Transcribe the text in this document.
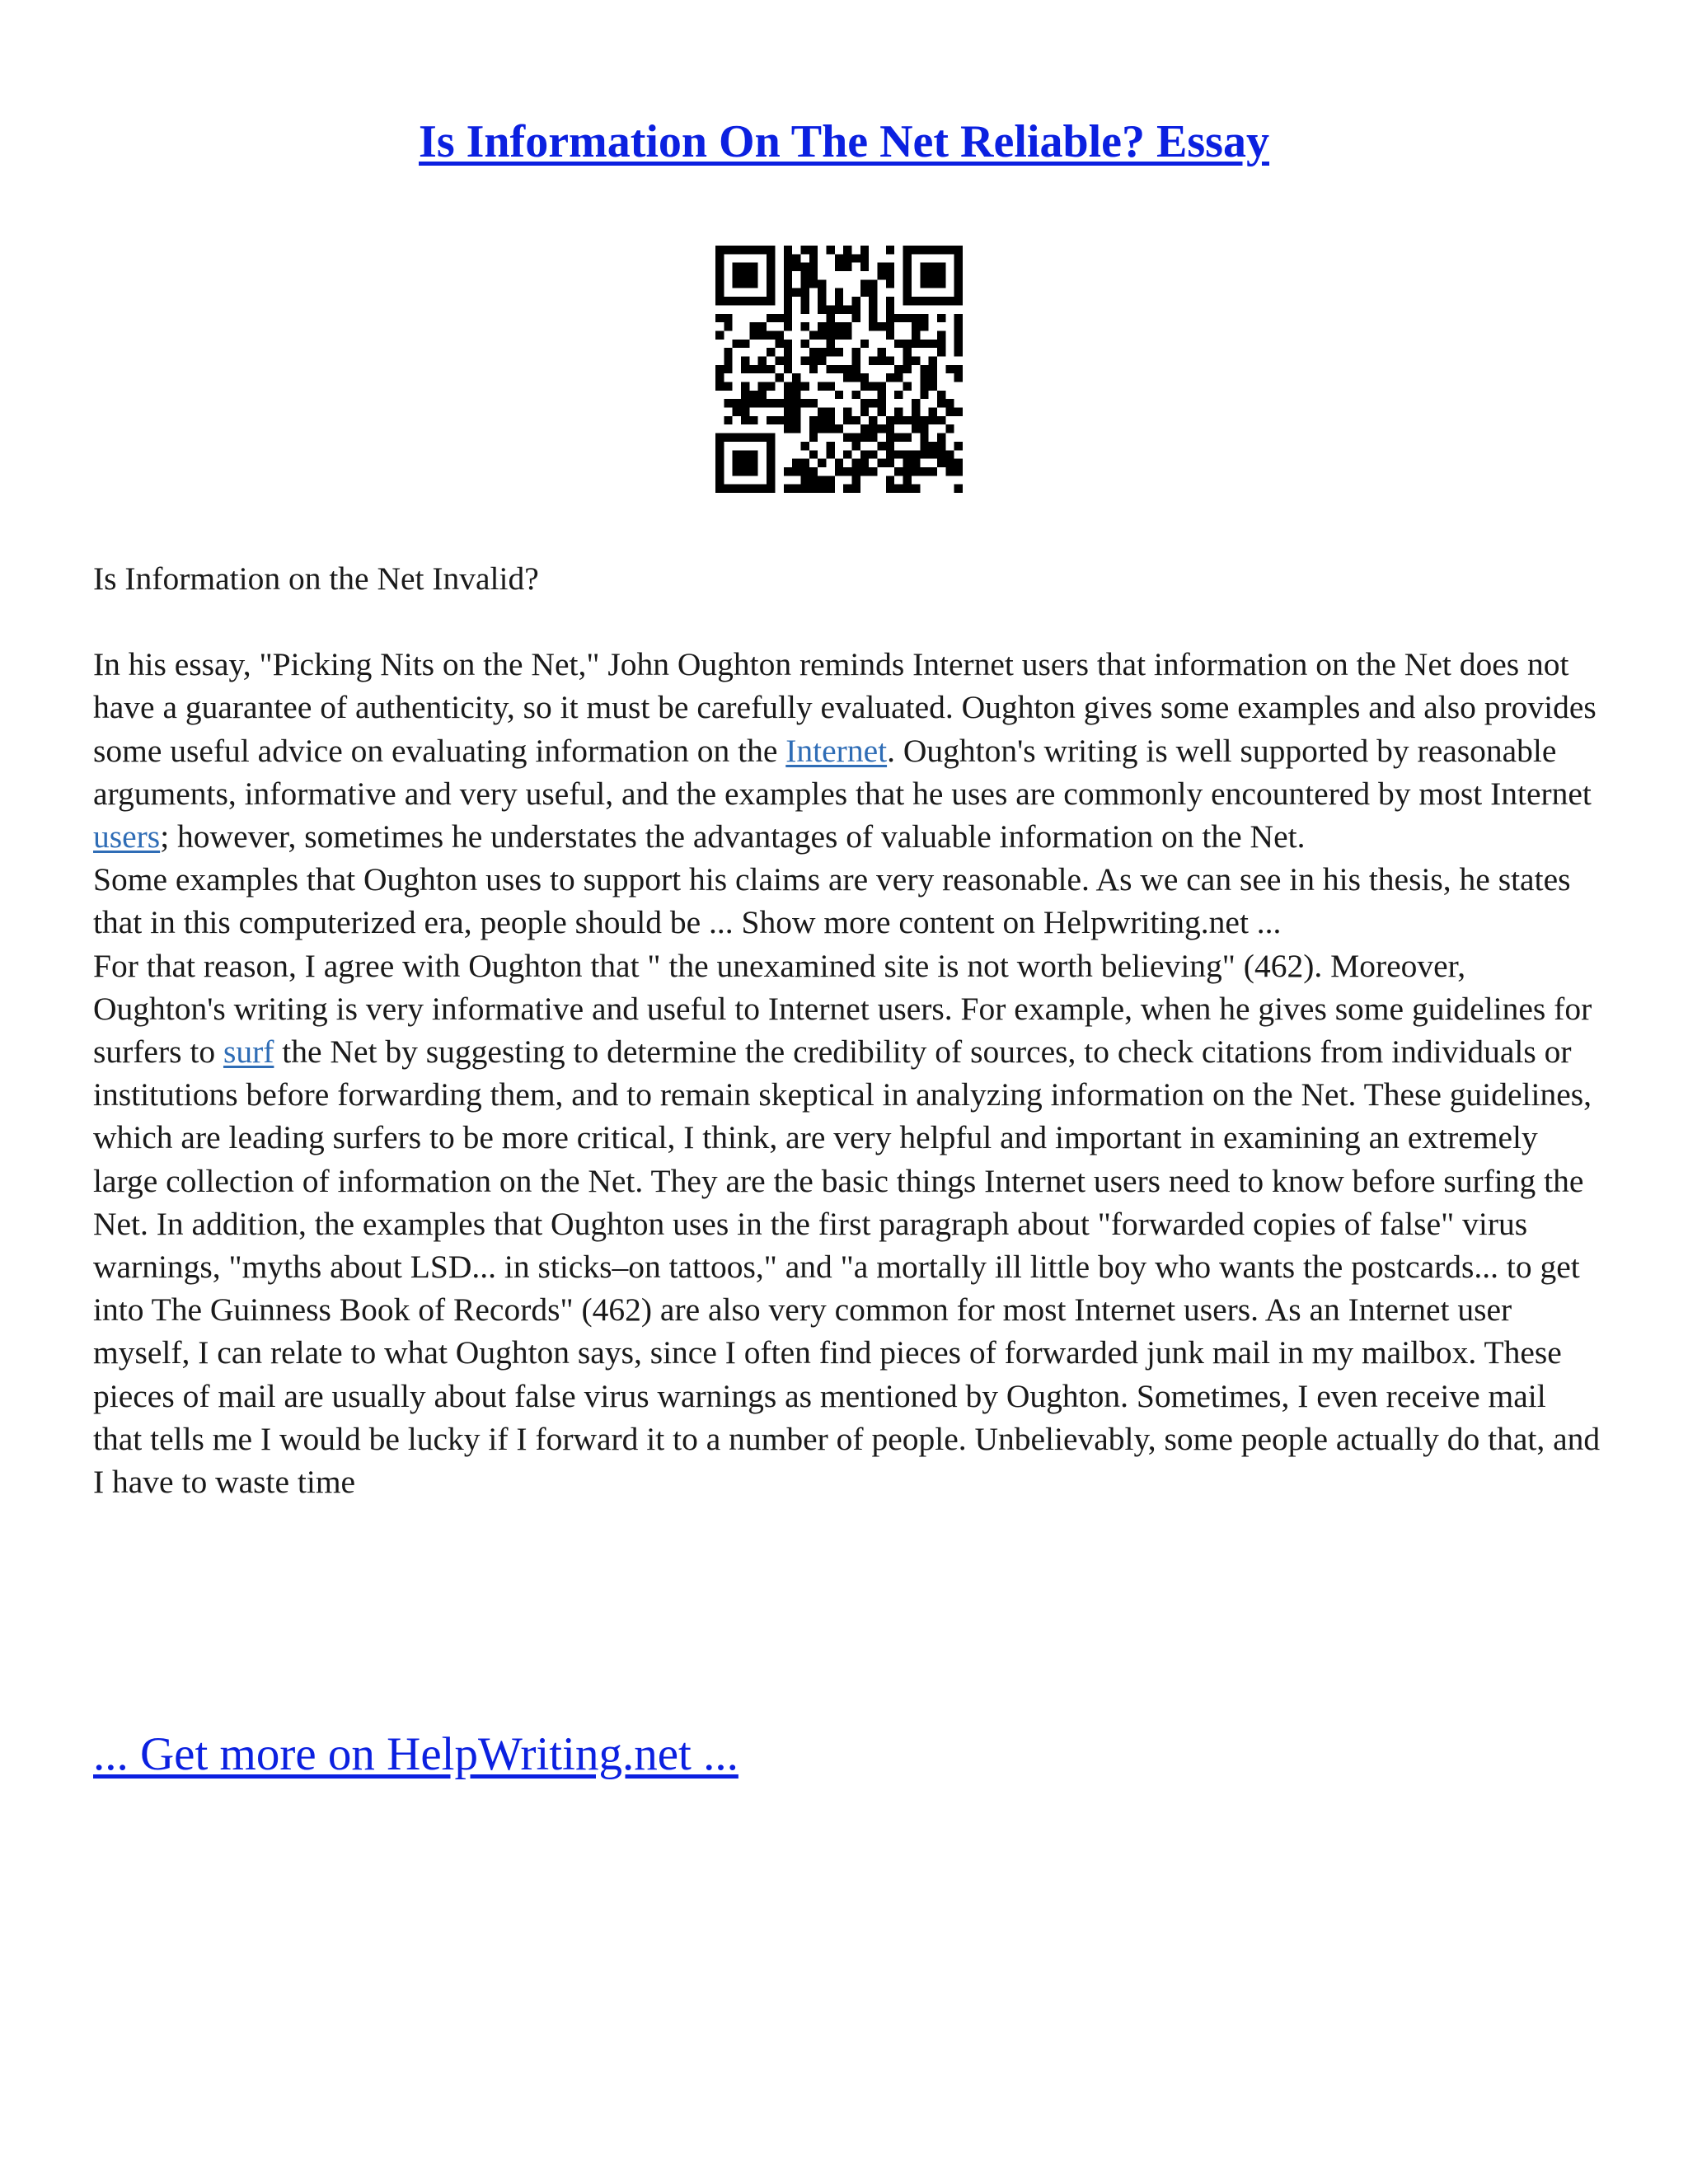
Is Information On The Net Reliable? Essay

Is Information on the Net Invalid?

In his essay, "Picking Nits on the Net," John Oughton reminds Internet users that information on the Net does not have a guarantee of authenticity, so it must be carefully evaluated. Oughton gives some examples and also provides some useful advice on evaluating information on the Internet. Oughton's writing is well supported by reasonable arguments, informative and very useful, and the examples that he uses are commonly encountered by most Internet users; however, sometimes he understates the advantages of valuable information on the Net.

Some examples that Oughton uses to support his claims are very reasonable. As we can see in his thesis, he states that in this computerized era, people should be ... Show more content on Helpwriting.net ...

For that reason, I agree with Oughton that " the unexamined site is not worth believing" (462). Moreover, Oughton's writing is very informative and useful to Internet users. For example, when he gives some guidelines for surfers to surf the Net by suggesting to determine the credibility of sources, to check citations from individuals or institutions before forwarding them, and to remain skeptical in analyzing information on the Net. These guidelines, which are leading surfers to be more critical, I think, are very helpful and important in examining an extremely large collection of information on the Net. They are the basic things Internet users need to know before surfing the Net. In addition, the examples that Oughton uses in the first paragraph about "forwarded copies of false" virus warnings, "myths about LSD... in sticks–on tattoos," and "a mortally ill little boy who wants the postcards... to get into The Guinness Book of Records" (462) are also very common for most Internet users. As an Internet user myself, I can relate to what Oughton says, since I often find pieces of forwarded junk mail in my mailbox. These pieces of mail are usually about false virus warnings as mentioned by Oughton. Sometimes, I even receive mail that tells me I would be lucky if I forward it to a number of people. Unbelievably, some people actually do that, and I have to waste time

... Get more on HelpWriting.net ...
